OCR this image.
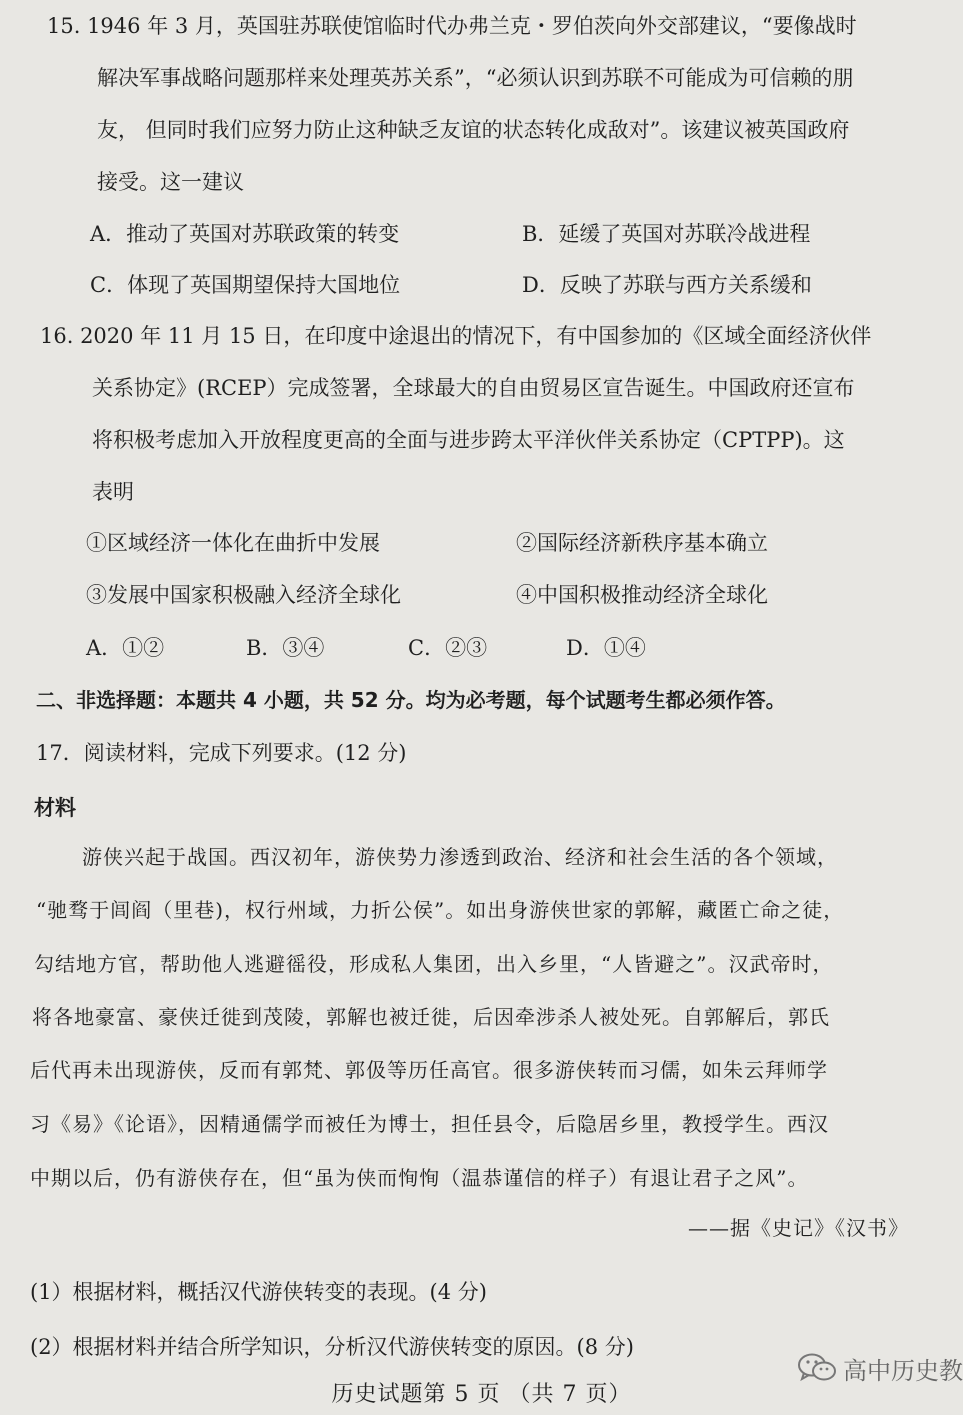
15. 1946 年 3 月，英国驻苏联使馆临时代办弗兰克・罗伯茨向外交部建议，“要像战时
解决军事战略问题那样来处理英苏关系”，“必须认识到苏联不可能成为可信赖的朋
友， 但同时我们应努力防止这种缺乏友谊的状态转化成敌对”。该建议被英国政府
接受。这一建议
A．推动了英国对苏联政策的转变	B．延缓了英国对苏联冷战进程
C．体现了英国期望保持大国地位	D．反映了苏联与西方关系缓和
16. 2020 年 11 月 15 日，在印度中途退出的情况下，有中国参加的《区域全面经济伙伴
关系协定》(RCEP）完成签署，全球最大的自由贸易区宣告诞生。中国政府还宣布
将积极考虑加入开放程度更高的全面与进步跨太平洋伙伴关系协定（CPTPP)。这
表明
①区域经济一体化在曲折中发展	②国际经济新秩序基本确立
③发展中国家积极融入经济全球化	④中国积极推动经济全球化
A．①②	B．③④	C．②③	D．①④
二、非选择题：本题共 4 小题，共 52 分。均为必考题，每个试题考生都必须作答。
17．阅读材料，完成下列要求。(12 分)
材料
游侠兴起于战国。西汉初年，游侠势力渗透到政治、经济和社会生活的各个领域，
“驰骛于闾阎（里巷)，权行州域，力折公侯”。如出身游侠世家的郭解，藏匿亡命之徒，
勾结地方官，帮助他人逃避徭役，形成私人集团，出入乡里，“人皆避之”。汉武帝时，
将各地豪富、豪侠迁徙到茂陵，郭解也被迁徙，后因牵涉杀人被处死。自郭解后，郭氏
后代再未出现游侠，反而有郭梵、郭伋等历任高官。很多游侠转而习儒，如朱云拜师学
习《易》《论语》，因精通儒学而被任为博士，担任县令，后隐居乡里，教授学生。西汉
中期以后，仍有游侠存在，但“虽为侠而恂恂（温恭谨信的样子）有退让君子之风”。
——据《史记》《汉书》
(1）根据材料，概括汉代游侠转变的表现。(4 分)
(2）根据材料并结合所学知识，分析汉代游侠转变的原因。(8 分)
历史试题第 5 页 （共 7 页）
高中历史教
